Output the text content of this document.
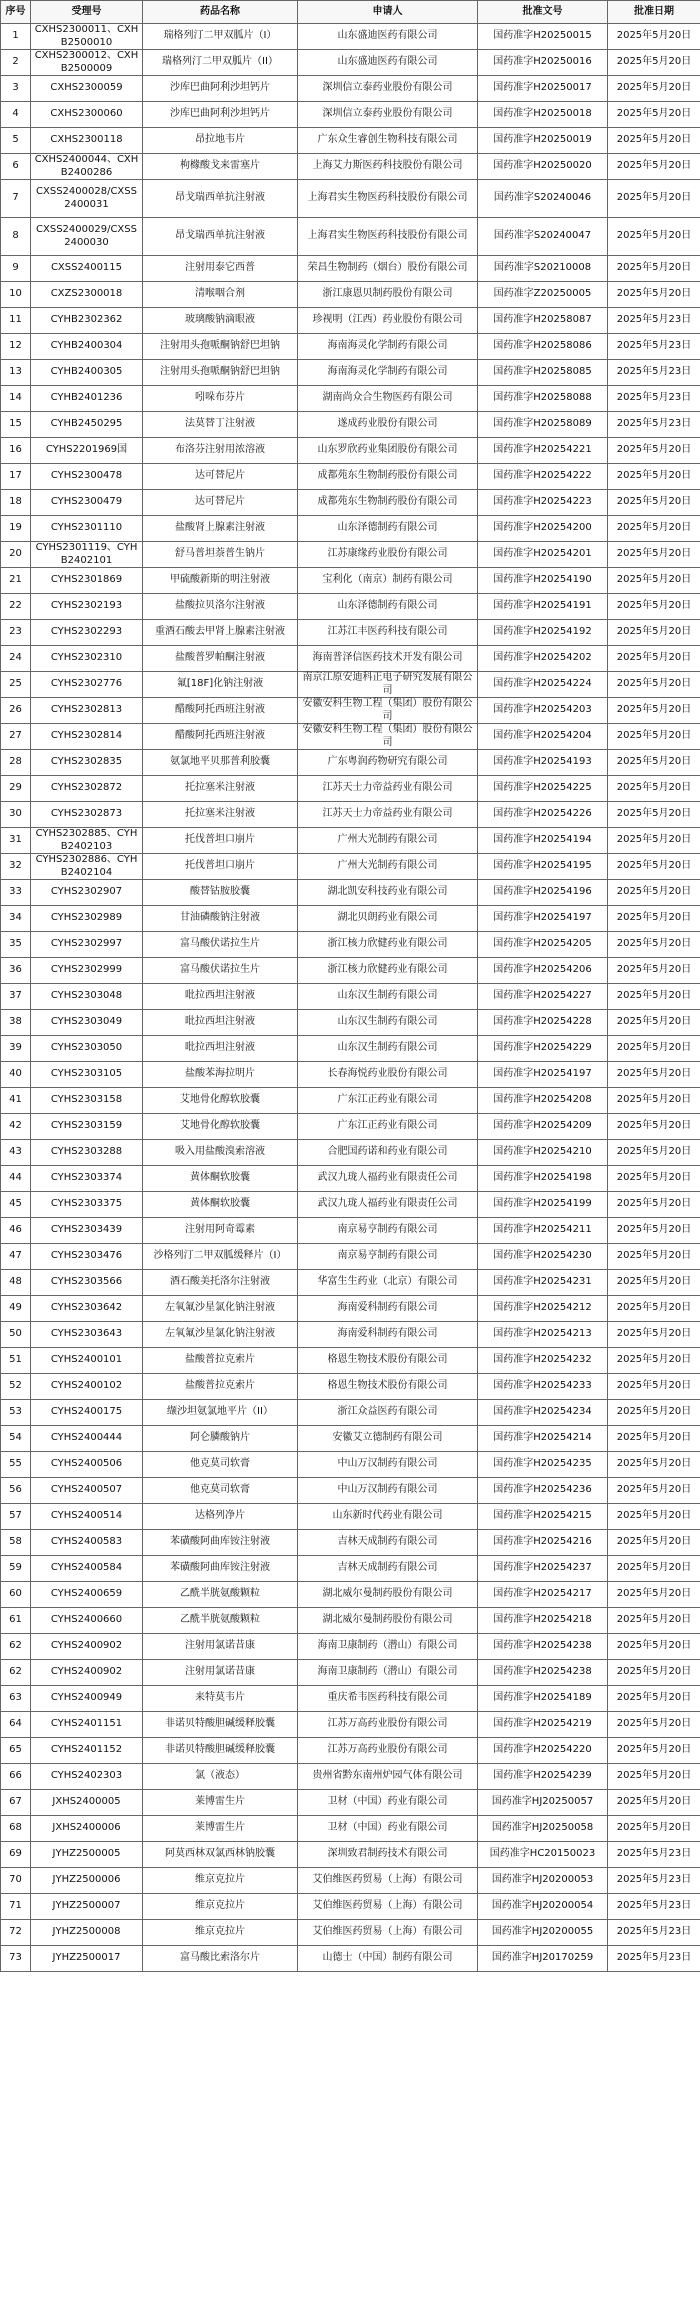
序号	受理号	药品名称	申请人	批准文号	批准日期
1	CXHS2300011、CXHB2500010	瑞格列汀二甲双胍片（I）	山东盛迪医药有限公司	国药准字H20250015	2025年5月20日
2	CXHS2300012、CXHB2500009	瑞格列汀二甲双胍片（II）	山东盛迪医药有限公司	国药准字H20250016	2025年5月20日
3	CXHS2300059	沙库巴曲阿利沙坦钙片	深圳信立泰药业股份有限公司	国药准字H20250017	2025年5月20日
4	CXHS2300060	沙库巴曲阿利沙坦钙片	深圳信立泰药业股份有限公司	国药准字H20250018	2025年5月20日
5	CXHS2300118	昂拉地韦片	广东众生睿创生物科技有限公司	国药准字H20250019	2025年5月20日
6	CXHS2400044、CXHB2400286	枸橼酸戈来雷塞片	上海艾力斯医药科技股份有限公司	国药准字H20250020	2025年5月20日
7	CXSS2400028/CXSS2400031	昂戈瑞西单抗注射液	上海君实生物医药科技股份有限公司	国药准字S20240046	2025年5月20日
8	CXSS2400029/CXSS2400030	昂戈瑞西单抗注射液	上海君实生物医药科技股份有限公司	国药准字S20240047	2025年5月20日
9	CXSS2400115	注射用泰它西普	荣昌生物制药（烟台）股份有限公司	国药准字S20210008	2025年5月20日
10	CXZS2300018	清喉咽合剂	浙江康恩贝制药股份有限公司	国药准字Z20250005	2025年5月20日
11	CYHB2302362	玻璃酸钠滴眼液	珍视明（江西）药业股份有限公司	国药准字H20258087	2025年5月23日
12	CYHB2400304	注射用头孢哌酮钠舒巴坦钠	海南海灵化学制药有限公司	国药准字H20258086	2025年5月23日
13	CYHB2400305	注射用头孢哌酮钠舒巴坦钠	海南海灵化学制药有限公司	国药准字H20258085	2025年5月23日
14	CYHB2401236	吲哚布芬片	湖南尚众合生物医药有限公司	国药准字H20258088	2025年5月23日
15	CYHB2450295	法莫替丁注射液	遂成药业股份有限公司	国药准字H20258089	2025年5月23日
16	CYHS2201969国	布洛芬注射用浓溶液	山东罗欣药业集团股份有限公司	国药准字H20254221	2025年5月20日
17	CYHS2300478	达可替尼片	成都苑东生物制药股份有限公司	国药准字H20254222	2025年5月20日
18	CYHS2300479	达可替尼片	成都苑东生物制药股份有限公司	国药准字H20254223	2025年5月20日
19	CYHS2301110	盐酸肾上腺素注射液	山东泽德制药有限公司	国药准字H20254200	2025年5月20日
20	CYHS2301119、CYHB2402101	舒马普坦萘普生钠片	江苏康缘药业股份有限公司	国药准字H20254201	2025年5月20日
21	CYHS2301869	甲硫酸新斯的明注射液	宝利化（南京）制药有限公司	国药准字H20254190	2025年5月20日
22	CYHS2302193	盐酸拉贝洛尔注射液	山东泽德制药有限公司	国药准字H20254191	2025年5月20日
23	CYHS2302293	重酒石酸去甲肾上腺素注射液	江苏江丰医药科技有限公司	国药准字H20254192	2025年5月20日
24	CYHS2302310	盐酸普罗帕酮注射液	海南普泽信医药技术开发有限公司	国药准字H20254202	2025年5月20日
25	CYHS2302776	氟[18F]化钠注射液	南京江原安迪科正电子研究发展有限公司	国药准字H20254224	2025年5月20日
26	CYHS2302813	醋酸阿托西班注射液	安徽安科生物工程（集团）股份有限公司	国药准字H20254203	2025年5月20日
27	CYHS2302814	醋酸阿托西班注射液	安徽安科生物工程（集团）股份有限公司	国药准字H20254204	2025年5月20日
28	CYHS2302835	氨氯地平贝那普利胶囊	广东粤润药物研究有限公司	国药准字H20254193	2025年5月20日
29	CYHS2302872	托拉塞米注射液	江苏天士力帝益药业有限公司	国药准字H20254225	2025年5月20日
30	CYHS2302873	托拉塞米注射液	江苏天士力帝益药业有限公司	国药准字H20254226	2025年5月20日
31	CYHS2302885、CYHB2402103	托伐普坦口崩片	广州大光制药有限公司	国药准字H20254194	2025年5月20日
32	CYHS2302886、CYHB2402104	托伐普坦口崩片	广州大光制药有限公司	国药准字H20254195	2025年5月20日
33	CYHS2302907	酸替钴胺胶囊	湖北凯安科技药业有限公司	国药准字H20254196	2025年5月20日
34	CYHS2302989	甘油磷酸钠注射液	湖北贝朗药业有限公司	国药准字H20254197	2025年5月20日
35	CYHS2302997	富马酸伏诺拉生片	浙江核力欣健药业有限公司	国药准字H20254205	2025年5月20日
36	CYHS2302999	富马酸伏诺拉生片	浙江核力欣健药业有限公司	国药准字H20254206	2025年5月20日
37	CYHS2303048	吡拉西坦注射液	山东汉生制药有限公司	国药准字H20254227	2025年5月20日
38	CYHS2303049	吡拉西坦注射液	山东汉生制药有限公司	国药准字H20254228	2025年5月20日
39	CYHS2303050	吡拉西坦注射液	山东汉生制药有限公司	国药准字H20254229	2025年5月20日
40	CYHS2303105	盐酸苯海拉明片	长春海悦药业股份有限公司	国药准字H20254197	2025年5月20日
41	CYHS2303158	艾地骨化醇软胶囊	广东江正药业有限公司	国药准字H20254208	2025年5月20日
42	CYHS2303159	艾地骨化醇软胶囊	广东江正药业有限公司	国药准字H20254209	2025年5月20日
43	CYHS2303288	吸入用盐酸溴索溶液	合肥国药诺和药业有限公司	国药准字H20254210	2025年5月20日
44	CYHS2303374	黄体酮软胶囊	武汉九珑人福药业有限责任公司	国药准字H20254198	2025年5月20日
45	CYHS2303375	黄体酮软胶囊	武汉九珑人福药业有限责任公司	国药准字H20254199	2025年5月20日
46	CYHS2303439	注射用阿奇霉素	南京易亨制药有限公司	国药准字H20254211	2025年5月20日
47	CYHS2303476	沙格列汀二甲双胍缓释片（I）	南京易亨制药有限公司	国药准字H20254230	2025年5月20日
48	CYHS2303566	酒石酸美托洛尔注射液	华富生生药业（北京）有限公司	国药准字H20254231	2025年5月20日
49	CYHS2303642	左氧氟沙星氯化钠注射液	海南爱科制药有限公司	国药准字H20254212	2025年5月20日
50	CYHS2303643	左氧氟沙星氯化钠注射液	海南爱科制药有限公司	国药准字H20254213	2025年5月20日
51	CYHS2400101	盐酸普拉克索片	格恩生物技术股份有限公司	国药准字H20254232	2025年5月20日
52	CYHS2400102	盐酸普拉克索片	格恩生物技术股份有限公司	国药准字H20254233	2025年5月20日
53	CYHS2400175	缬沙坦氨氯地平片（II）	浙江众益医药有限公司	国药准字H20254234	2025年5月20日
54	CYHS2400444	阿仑膦酸钠片	安徽艾立德制药有限公司	国药准字H20254214	2025年5月20日
55	CYHS2400506	他克莫司软膏	中山万汉制药有限公司	国药准字H20254235	2025年5月20日
56	CYHS2400507	他克莫司软膏	中山万汉制药有限公司	国药准字H20254236	2025年5月20日
57	CYHS2400514	达格列净片	山东新时代药业有限公司	国药准字H20254215	2025年5月20日
58	CYHS2400583	苯磺酸阿曲库铵注射液	吉林天成制药有限公司	国药准字H20254216	2025年5月20日
59	CYHS2400584	苯磺酸阿曲库铵注射液	吉林天成制药有限公司	国药准字H20254237	2025年5月20日
60	CYHS2400659	乙酰半胱氨酸颗粒	湖北威尔曼制药股份有限公司	国药准字H20254217	2025年5月20日
61	CYHS2400660	乙酰半胱氨酸颗粒	湖北威尔曼制药股份有限公司	国药准字H20254218	2025年5月20日
62	CYHS2400902	注射用氯诺昔康	海南卫康制药（潜山）有限公司	国药准字H20254238	2025年5月20日
62	CYHS2400902	注射用氯诺昔康	海南卫康制药（潜山）有限公司	国药准字H20254238	2025年5月20日
63	CYHS2400949	来特莫韦片	重庆希韦医药科技有限公司	国药准字H20254189	2025年5月20日
64	CYHS2401151	非诺贝特酸胆碱缓释胶囊	江苏万高药业股份有限公司	国药准字H20254219	2025年5月20日
65	CYHS2401152	非诺贝特酸胆碱缓释胶囊	江苏万高药业股份有限公司	国药准字H20254220	2025年5月20日
66	CYHS2402303	氯（液态）	贵州省黔东南州炉园气体有限公司	国药准字H20254239	2025年5月20日
67	JXHS2400005	莱博雷生片	卫材（中国）药业有限公司	国药准字HJ20250057	2025年5月20日
68	JXHS2400006	莱博雷生片	卫材（中国）药业有限公司	国药准字HJ20250058	2025年5月20日
69	JYHZ2500005	阿莫西林双氯西林钠胶囊	深圳致君制药技术有限公司	国药准字HC20150023	2025年5月23日
70	JYHZ2500006	维京克拉片	艾伯维医药贸易（上海）有限公司	国药准字HJ20200053	2025年5月23日
71	JYHZ2500007	维京克拉片	艾伯维医药贸易（上海）有限公司	国药准字HJ20200054	2025年5月23日
72	JYHZ2500008	维京克拉片	艾伯维医药贸易（上海）有限公司	国药准字HJ20200055	2025年5月23日
73	JYHZ2500017	富马酸比索洛尔片	山德士（中国）制药有限公司	国药准字HJ20170259	2025年5月23日
